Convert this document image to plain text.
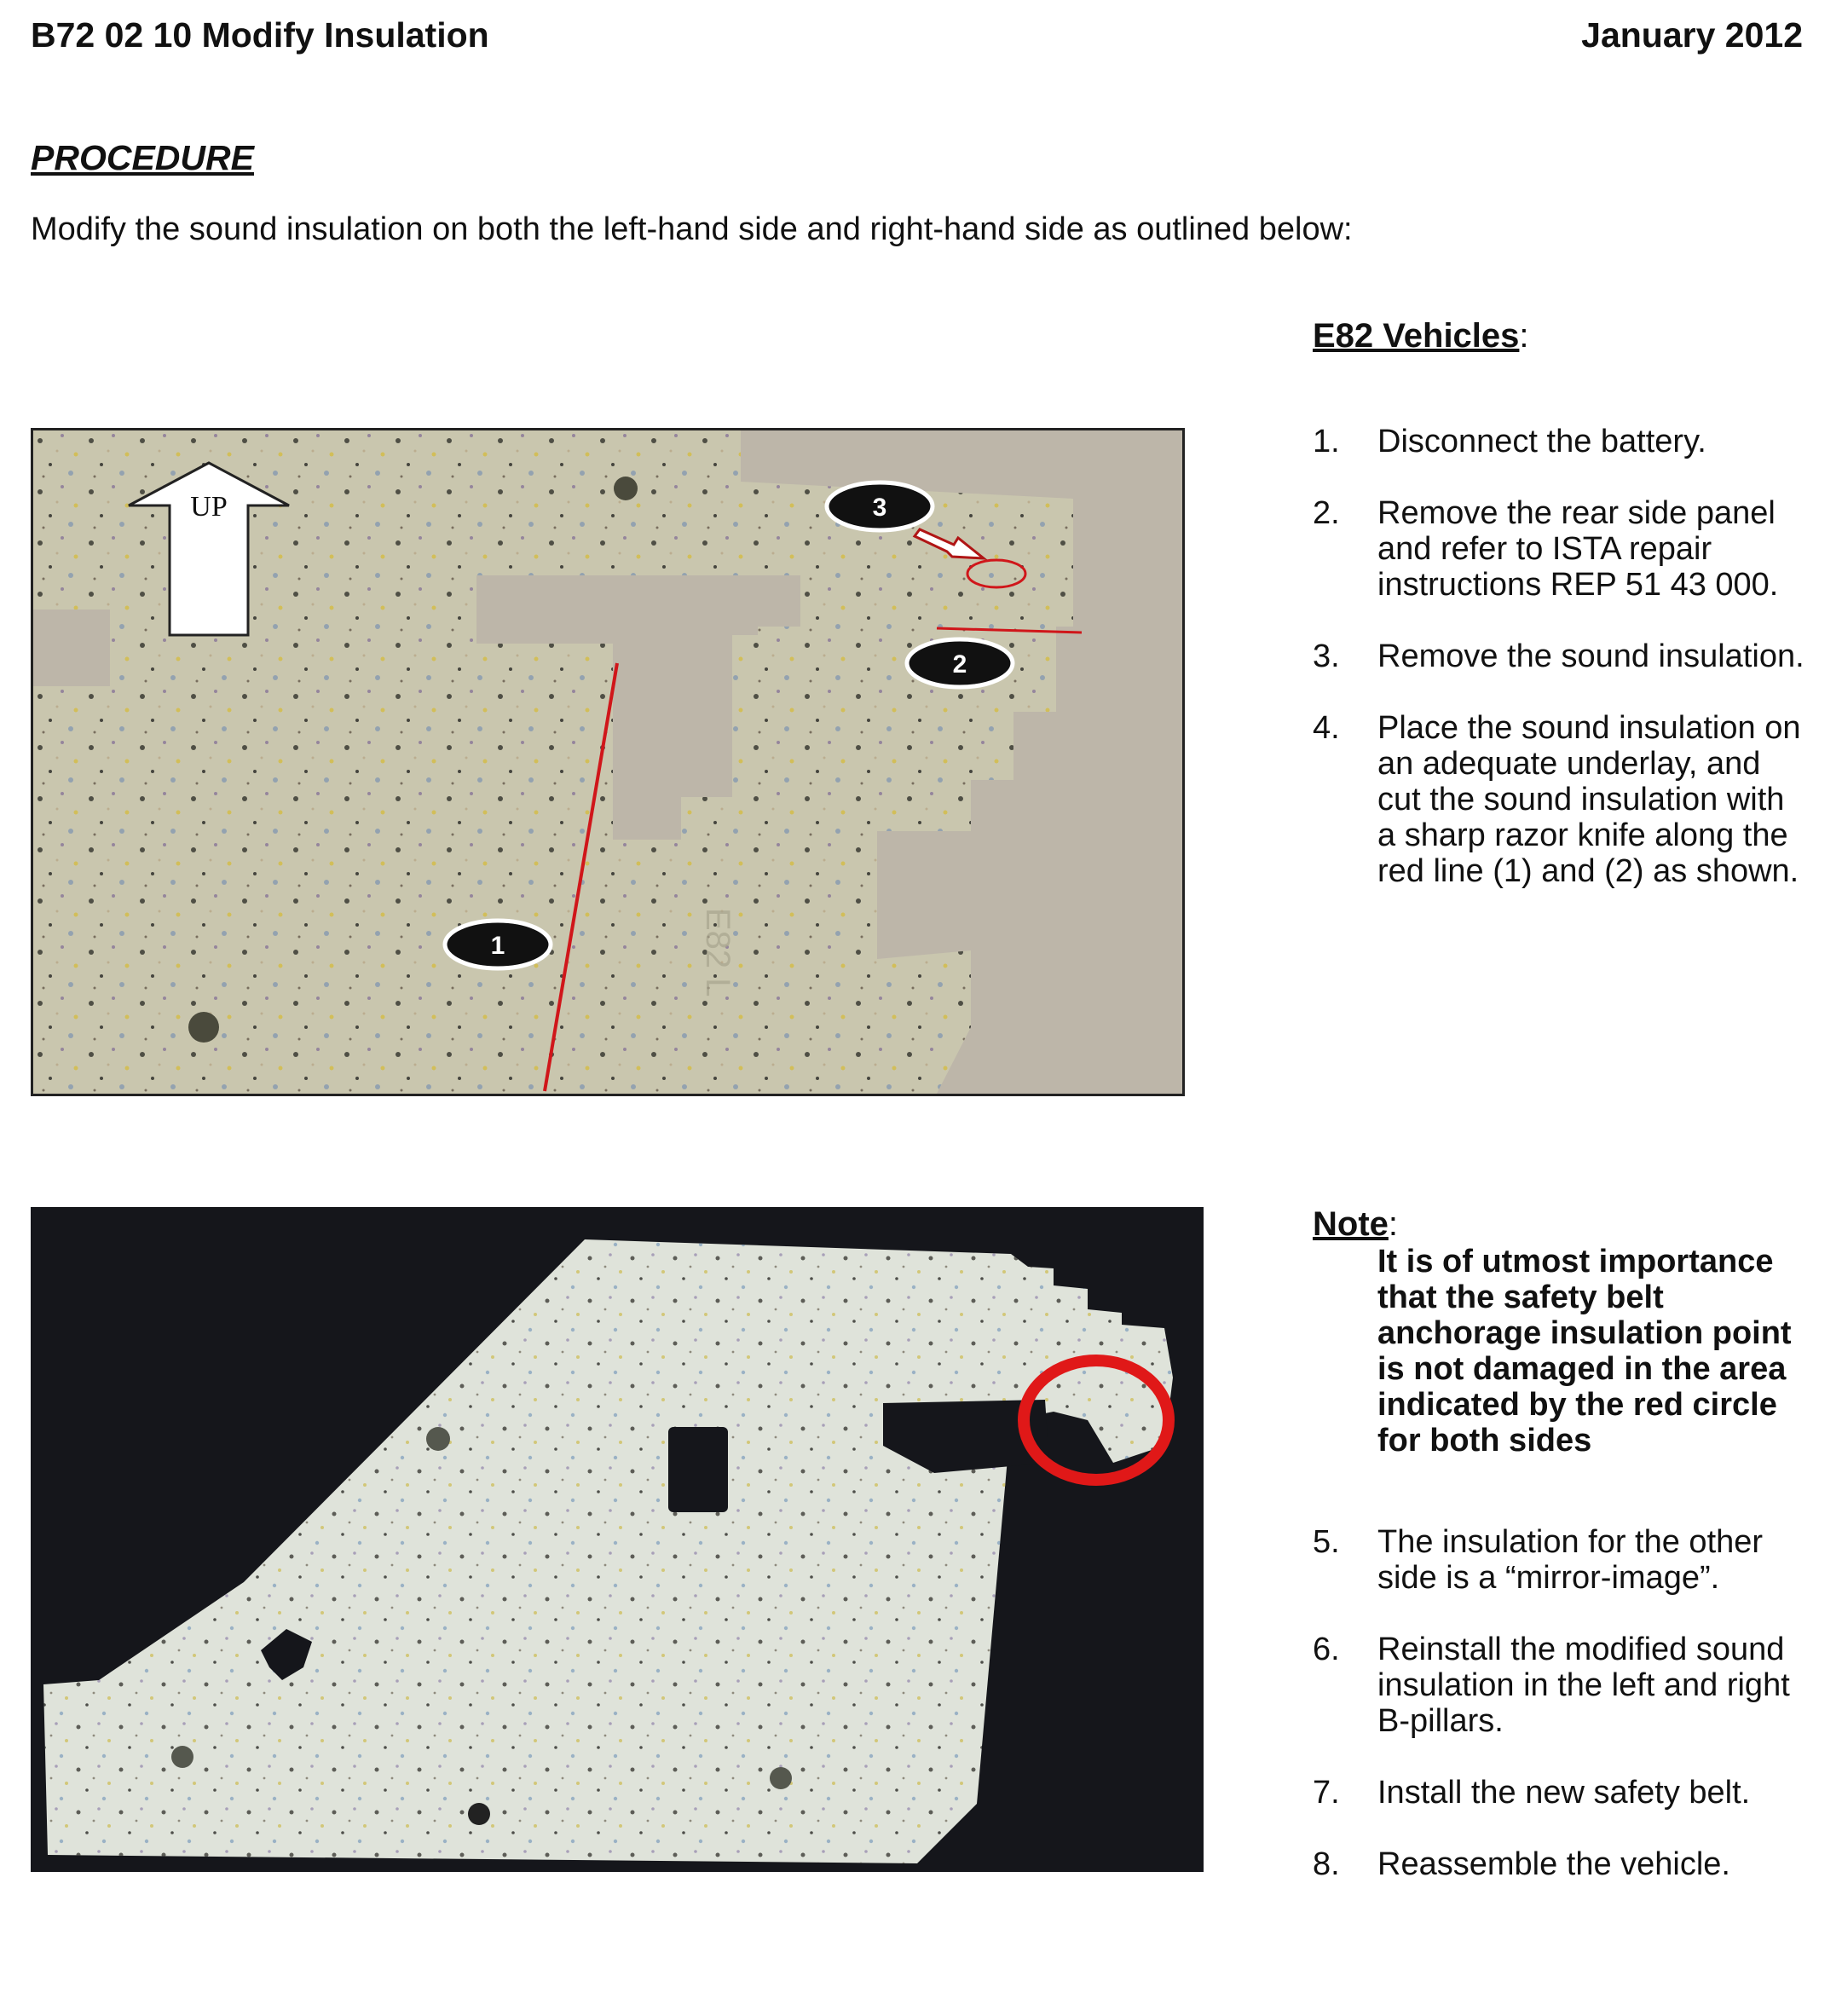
B72 02 10 Modify Insulation	January 2012
PROCEDURE
Modify the sound insulation on both the left-hand side and right-hand side as outlined below:
E82 Vehicles:
1. Disconnect the battery.
2. Remove the rear side panel and refer to ISTA repair instructions REP 51 43 000.
3. Remove the sound insulation.
4. Place the sound insulation on an adequate underlay, and cut the sound insulation with a sharp razor knife along the red line (1) and (2) as shown.
Note:

It is of utmost importance that the safety belt anchorage insulation point is not damaged in the area indicated by the red circle for both sides

5. The insulation for the other side is a “mirror-image”.
6. Reinstall the modified sound insulation in the left and right B-pillars.
7. Install the new safety belt.
8. Reassemble the vehicle.
UP
E82 L
1
2
3
